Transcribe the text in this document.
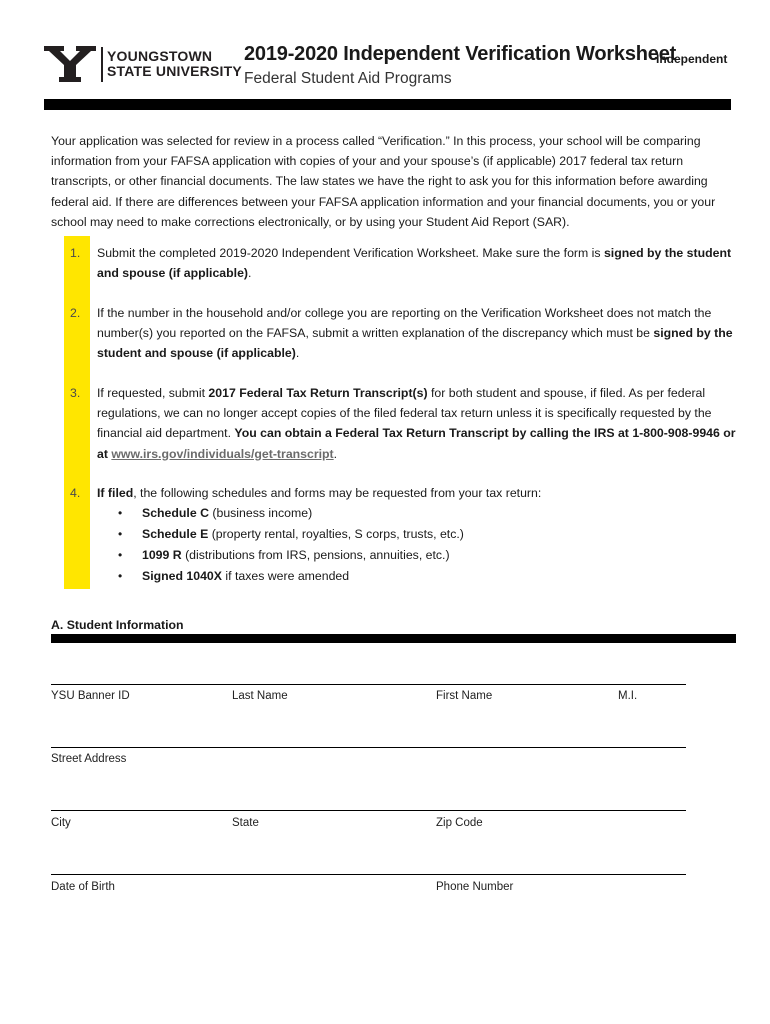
YOUNGSTOWN
STATE UNIVERSITY
2019-2020 Independent Verification Worksheet
Federal Student Aid Programs
Independent
Your application was selected for review in a process called “Verification.” In this process, your school will be comparing information from your FAFSA application with copies of your and your spouse’s (if applicable) 2017 federal tax return transcripts, or other financial documents. The law states we have the right to ask you for this information before awarding federal aid. If there are differences between your FAFSA application information and your financial documents, you or your school may need to make corrections electronically, or by using your Student Aid Report (SAR).
1. Submit the completed 2019-2020 Independent Verification Worksheet. Make sure the form is signed by the student and spouse (if applicable).
2. If the number in the household and/or college you are reporting on the Verification Worksheet does not match the number(s) you reported on the FAFSA, submit a written explanation of the discrepancy which must be signed by the student and spouse (if applicable).
3. If requested, submit 2017 Federal Tax Return Transcript(s) for both student and spouse, if filed. As per federal regulations, we can no longer accept copies of the filed federal tax return unless it is specifically requested by the financial aid department. You can obtain a Federal Tax Return Transcript by calling the IRS at 1-800-908-9946 or at www.irs.gov/individuals/get-transcript.
4. If filed, the following schedules and forms may be requested from your tax return:
• Schedule C (business income)
• Schedule E (property rental, royalties, S corps, trusts, etc.)
• 1099 R (distributions from IRS, pensions, annuities, etc.)
• Signed 1040X if taxes were amended
A. Student Information
YSU Banner ID	Last Name	First Name	M.I.
Street Address
City	State	Zip Code
Date of Birth	Phone Number
